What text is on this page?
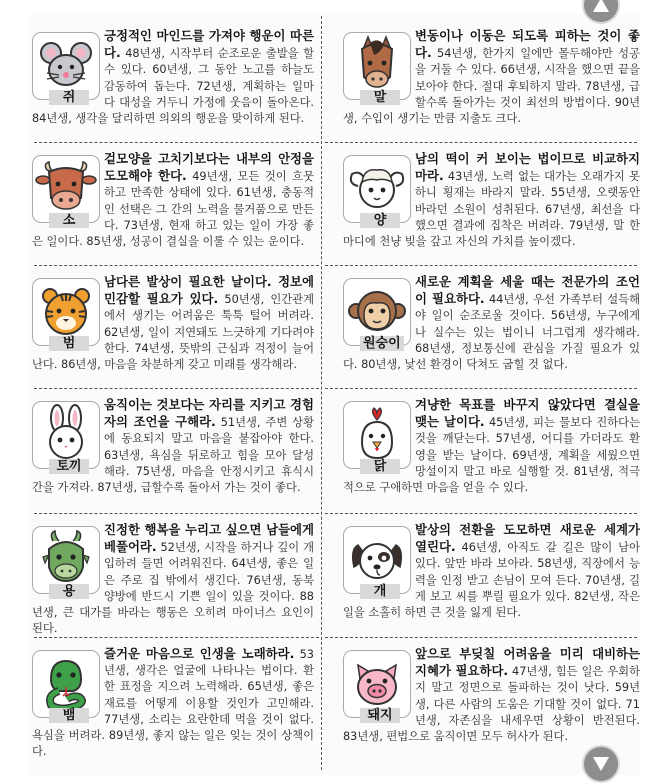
쥐
긍정적인 마인드를 가져야 행운이 따른다. 48년생, 시작부터 순조로운 출발을 할 수 있다. 60년생, 그 동안 노고를 하늘도 감동하여 돕는다. 72년생, 계획하는 일마다 대성을 거두니 가정에 웃음이 돌아온다. 84년생, 생각을 달리하면 의외의 행운을 맞이하게 된다.
말
변동이나 이동은 되도록 피하는 것이 좋다. 54년생, 한가지 일에만 몰두해야만 성공을 거둘 수 있다. 66년생, 시작을 했으면 끝을 보아야 한다. 절대 후퇴하지 말라. 78년생, 급할수록 돌아가는 것이 최선의 방법이다. 90년생, 수입이 생기는 만큼 지출도 크다.
소
겉모양을 고치기보다는 내부의 안정을 도모해야 한다. 49년생, 모든 것이 흐뭇하고 만족한 상태에 있다. 61년생, 충동적인 선택은 그 간의 노력을 물거품으로 만든다. 73년생, 현재 하고 있는 일이 가장 좋은 일이다. 85년생, 성공이 결실을 이룰 수 있는 운이다.
양
남의 떡이 커 보이는 법이므로 비교하지 마라. 43년생, 노력 없는 대가는 오래가지 못하니 횡재는 바라지 말라. 55년생, 오랫동안 바라던 소원이 성취된다. 67년생, 최선을 다했으면 결과에 집착은 버려라. 79년생, 말 한마디에 천냥 빚을 갚고 자신의 가치를 높이겠다.
범
남다른 발상이 필요한 날이다. 정보에 민감할 필요가 있다. 50년생, 인간관계에서 생기는 어려움은 툭툭 털어 버려라. 62년생, 일이 지연돼도 느긋하게 기다려야 한다. 74년생, 뜻밖의 근심과 걱정이 늘어난다. 86년생, 마음을 차분하게 갖고 미래를 생각해라.
원숭이
새로운 계획을 세울 때는 전문가의 조언이 필요하다. 44년생, 우선 가족부터 설득해야 일이 순조로울 것이다. 56년생, 누구에게나 실수는 있는 법이니 너그럽게 생각해라. 68년생, 정보통신에 관심을 가질 필요가 있다. 80년생, 낯선 환경이 닥쳐도 굽힐 것 없다.
토끼
움직이는 것보다는 자리를 지키고 경험자의 조언을 구해라. 51년생, 주변 상황에 동요되지 말고 마음을 붙잡아야 한다. 63년생, 욕심을 뒤로하고 힘을 모아 달성해라. 75년생, 마음을 안정시키고 휴식시간을 가져라. 87년생, 급할수록 돌아서 가는 것이 좋다.
닭
겨냥한 목표를 바꾸지 않았다면 결실을 맺는 날이다. 45년생, 피는 물보다 진하다는 것을 깨닫는다. 57년생, 어디를 가더라도 환영을 받는 날이다. 69년생, 계획을 세웠으면 망설이지 말고 바로 실행할 것. 81년생, 적극적으로 구애하면 마음을 얻을 수 있다.
용
진정한 행복을 누리고 싶으면 남들에게 베풀어라. 52년생, 시작을 하거나 깊이 개입하려 들면 어려워진다. 64년생, 좋은 일은 주로 집 밖에서 생긴다. 76년생, 동북 양방에 반드시 기쁜 일이 있을 것이다. 88년생, 큰 대가를 바라는 행동은 오히려 마이너스 요인이 된다.
개
발상의 전환을 도모하면 새로운 세계가 열린다. 46년생, 아직도 갈 길은 많이 남아 있다. 앞만 바라 보아라. 58년생, 직장에서 능력을 인정 받고 손님이 모여 든다. 70년생, 길게 보고 씨를 뿌릴 필요가 있다. 82년생, 작은 일을 소홀히 하면 큰 것을 잃게 된다.
뱀
즐거운 마음으로 인생을 노래하라. 53년생, 생각은 얼굴에 나타나는 법이다. 환한 표정을 지으려 노력해라. 65년생, 좋은 재료를 어떻게 이용할 것인가 고민해라. 77년생, 소리는 요란한데 먹을 것이 없다. 욕심을 버려라. 89년생, 좋지 않는 일은 잊는 것이 상책이다.
돼지
앞으로 부딪칠 어려움을 미리 대비하는 지혜가 필요하다. 47년생, 힘든 일은 우회하지 말고 정면으로 돌파하는 것이 낫다. 59년생, 다른 사람의 도움은 기대할 것이 없다. 71년생, 자존심을 내세우면 상황이 반전된다. 83년생, 편법으로 움직이면 모두 허사가 된다.
